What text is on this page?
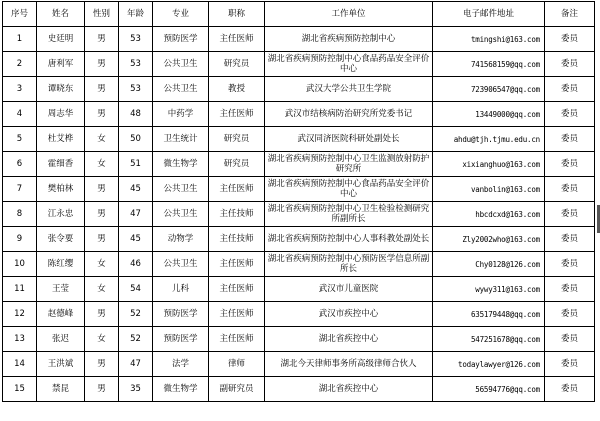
序号	姓名	性别	年龄	专业	职称	工作单位	电子邮件地址	备注
1	史廷明	男	53	预防医学	主任医师	湖北省疾病预防控制中心	tmingshi@163.com	委员
2	唐利军	男	53	公共卫生	研究员	湖北省疾病预防控制中心食品药品安全评价中心	741568159@qq.com	委员
3	谭晓东	男	53	公共卫生	教授	武汉大学公共卫生学院	723906547@qq.com	委员
4	周志华	男	48	中药学	主任医师	武汉市结核病防治研究所党委书记	13449000@qq.com	委员
5	杜艾桦	女	50	卫生统计	研究员	武汉同济医院科研处副处长	ahdu@tjh.tjmu.edu.cn	委员
6	霍细香	女	51	微生物学	研究员	湖北省疾病预防控制中心卫生监测放射防护研究所	xixianghuo@163.com	委员
7	樊柏林	男	45	公共卫生	主任医师	湖北省疾病预防控制中心食品药品安全评价中心	vanbolin@163.com	委员
8	江永忠	男	47	公共卫生	主任技师	湖北省疾病预防控制中心卫生检验检测研究所副所长	hbcdcxd@163.com	委员
9	张令要	男	45	动物学	主任技师	湖北省疾病预防控制中心人事科教处副处长	Zly2002who@163.com	委员
10	陈红缨	女	46	公共卫生	主任医师	湖北省疾病预防控制中心预防医学信息所副所长	Chy0128@126.com	委员
11	王莹	女	54	儿科	主任医师	武汉市儿童医院	wywy311@163.com	委员
12	赵德峰	男	52	预防医学	主任医师	武汉市疾控中心	635179448@qq.com	委员
13	张迟	女	52	预防医学	主任医师	湖北省疾控中心	547251678@qq.com	委员
14	王洪斌	男	47	法学	律师	湖北今天律师事务所高级律师合伙人	todaylawyer@126.com	委员
15	禁昆	男	35	微生物学	副研究员	湖北省疾控中心	56594776@qq.com	委员
